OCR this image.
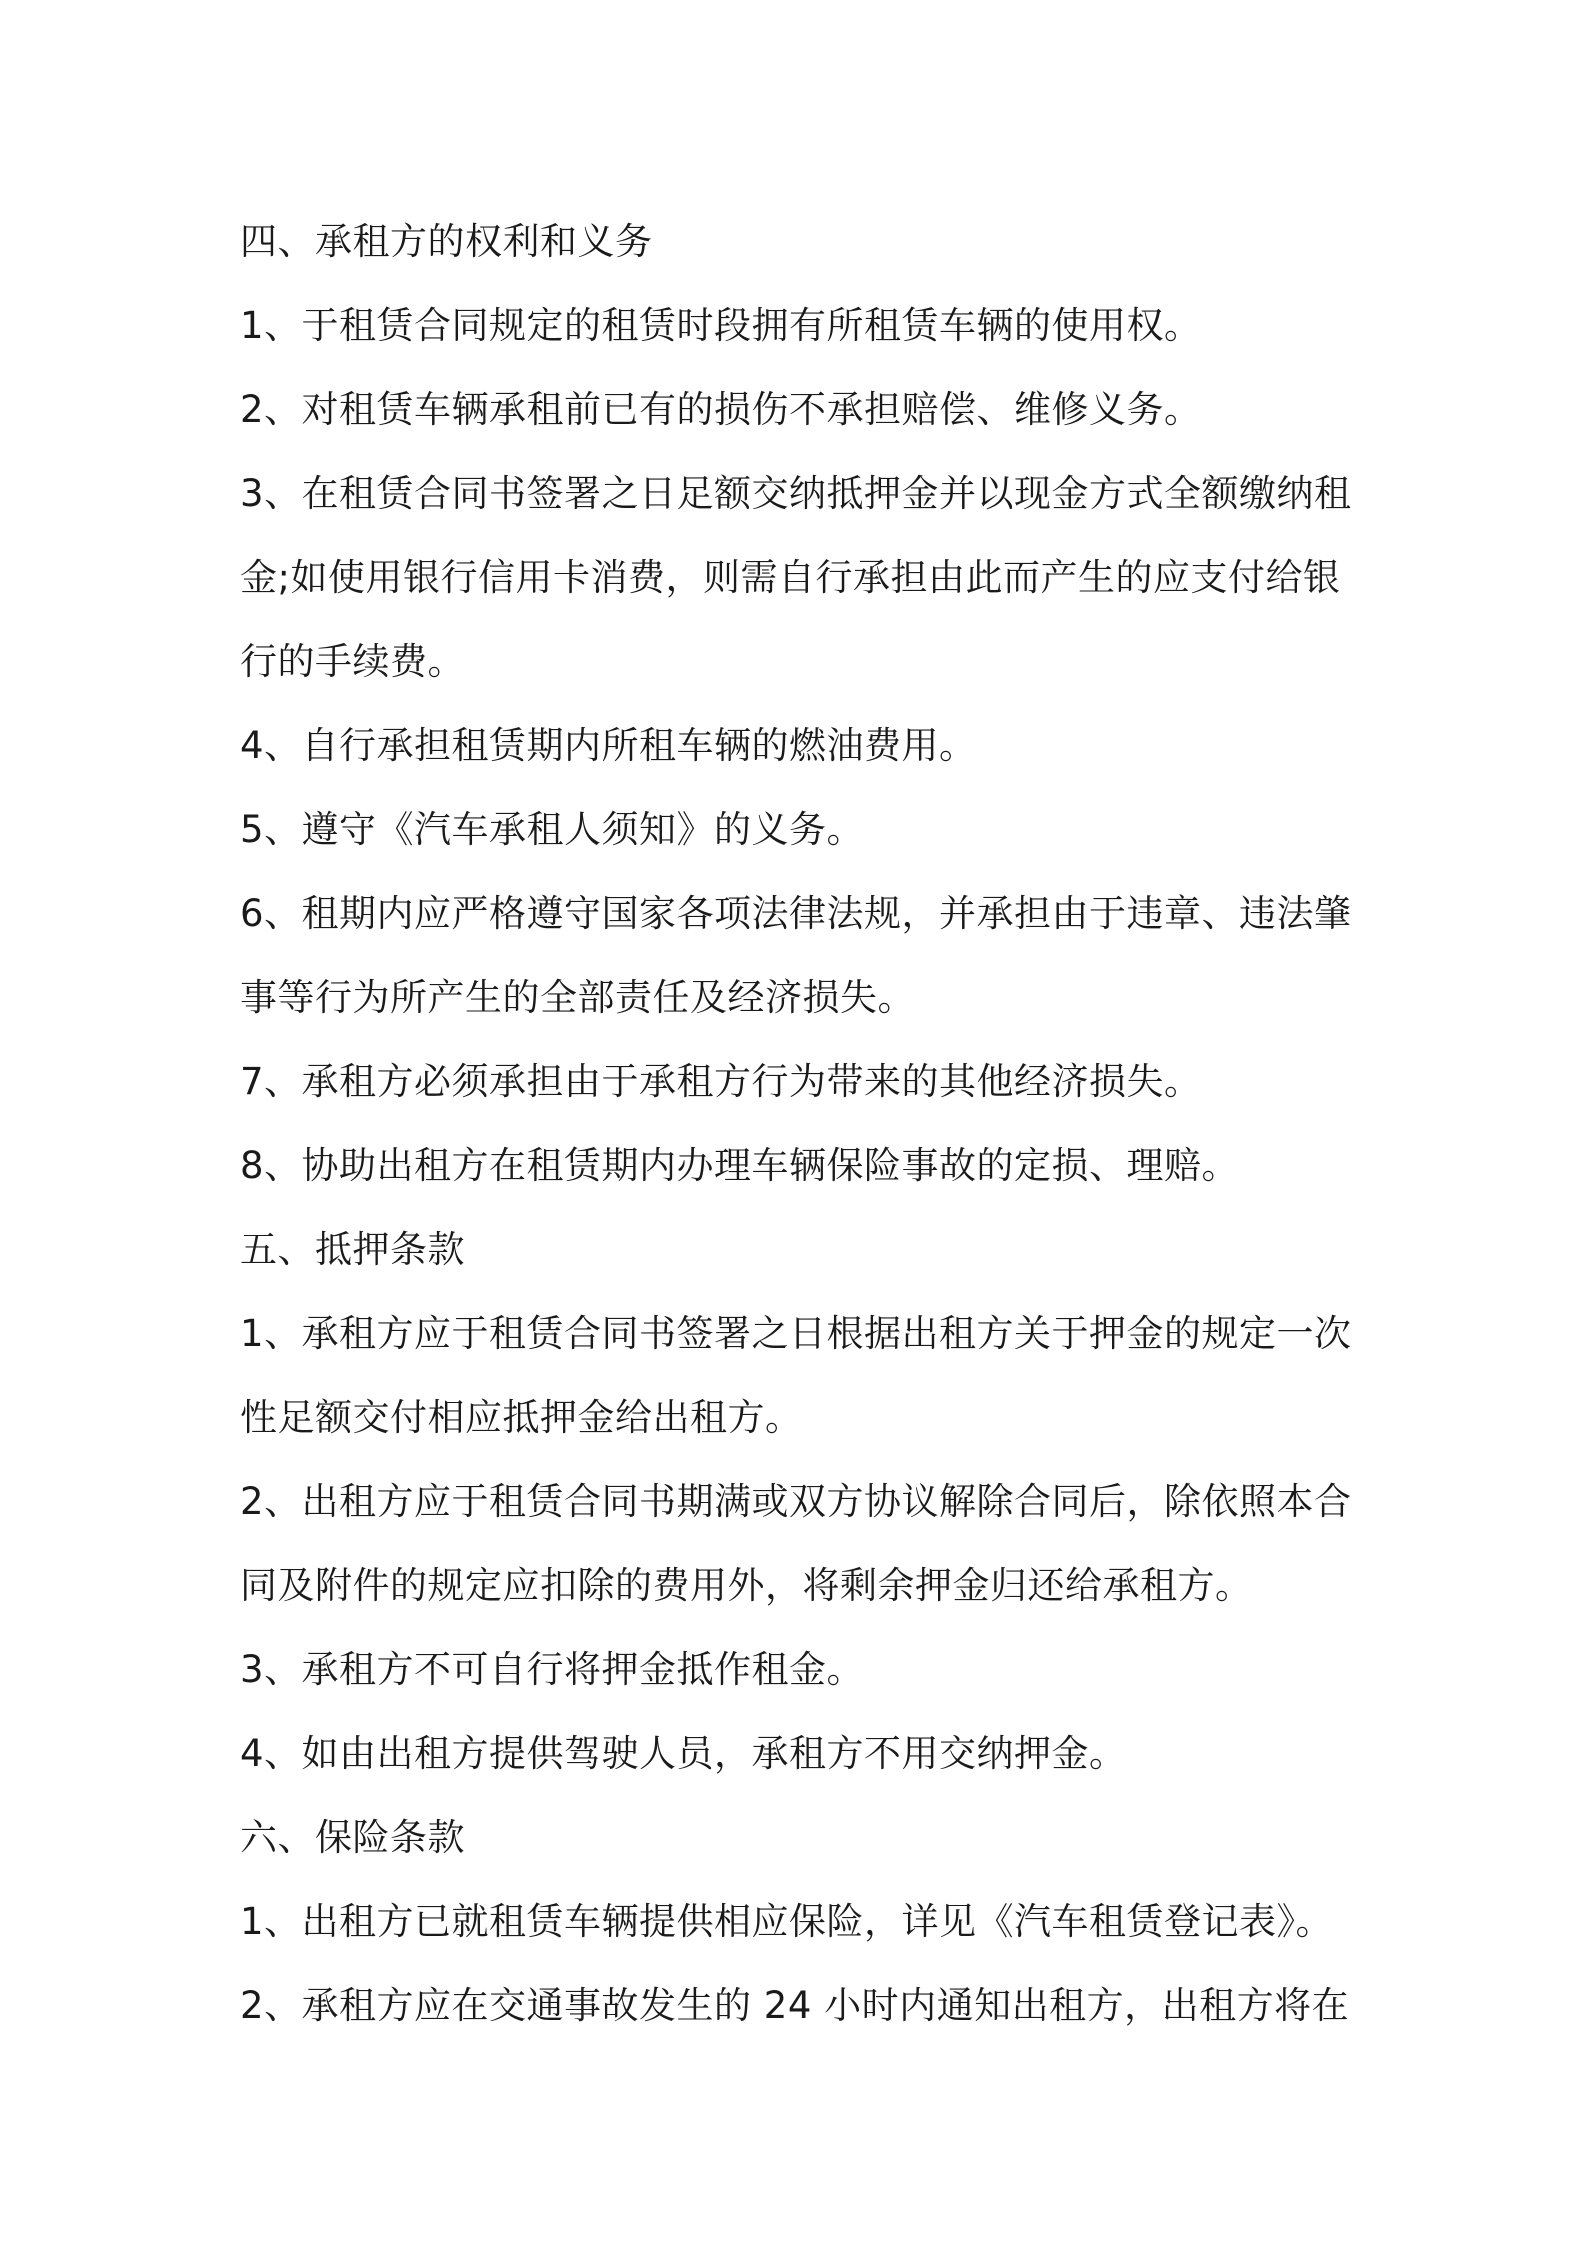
四、承租方的权利和义务
1、于租赁合同规定的租赁时段拥有所租赁车辆的使用权。
2、对租赁车辆承租前已有的损伤不承担赔偿、维修义务。
3、在租赁合同书签署之日足额交纳抵押金并以现金方式全额缴纳租
金;如使用银行信用卡消费，则需自行承担由此而产生的应支付给银
行的手续费。
4、自行承担租赁期内所租车辆的燃油费用。
5、遵守《汽车承租人须知》的义务。
6、租期内应严格遵守国家各项法律法规，并承担由于违章、违法肇
事等行为所产生的全部责任及经济损失。
7、承租方必须承担由于承租方行为带来的其他经济损失。
8、协助出租方在租赁期内办理车辆保险事故的定损、理赔。
五、抵押条款
1、承租方应于租赁合同书签署之日根据出租方关于押金的规定一次
性足额交付相应抵押金给出租方。
2、出租方应于租赁合同书期满或双方协议解除合同后，除依照本合
同及附件的规定应扣除的费用外，将剩余押金归还给承租方。
3、承租方不可自行将押金抵作租金。
4、如由出租方提供驾驶人员，承租方不用交纳押金。
六、保险条款
1、出租方已就租赁车辆提供相应保险，详见《汽车租赁登记表》。
2、承租方应在交通事故发生的 24 小时内通知出租方，出租方将在
